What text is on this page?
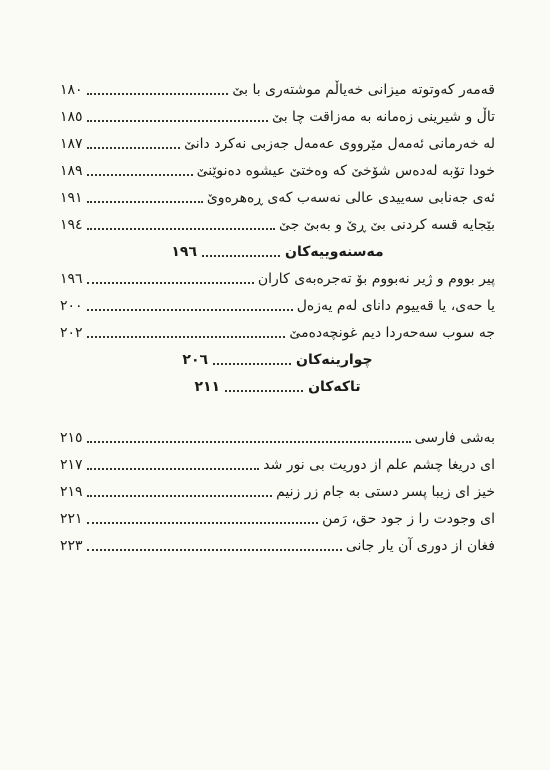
قەمەر کەوتوتە میزانی خەیاڵم موشتەری با بێ
١٨٠
تاڵ و شیرینی زەمانە بە مەزاقت چا بێ
١٨٥
لە خەرمانی ئەمەل مێرووی عەمەل جەزبی نەکرد دانێ
١٨٧
خودا تۆبە لەدەس شۆخێ کە وەختێ عیشوە دەنوێنێ
١٨٩
ئەی جەنابی سەییدی عالی نەسەب کەی ڕەهرەوێ
١٩١
بێجایە قسە کردنی بێ ڕێ و بەبێ جێ
١٩٤
مەسنەوییەکان
١٩٦
پیر بووم و ژیر نەبووم بۆ تەجرەبەی کاران
١٩٦
یا حەی، یا قەییوم دانای لەم یەزەل
٢٠٠
جە سوب سەحەردا دیم غونچەدەمێ
٢٠٢
چوارینەکان
٢٠٦
تاکەکان
٢١١
بەشی فارسی
٢١٥
ای دریغا چشم علم از دوریت بی نور شد
٢١٧
خیز ای زیبا پسر دستی به جام زر زنیم
٢١٩
ای وجودت را ز جود حق، رَمن
٢٢١
فغان از دوری آن یار جانی
٢٢٣
